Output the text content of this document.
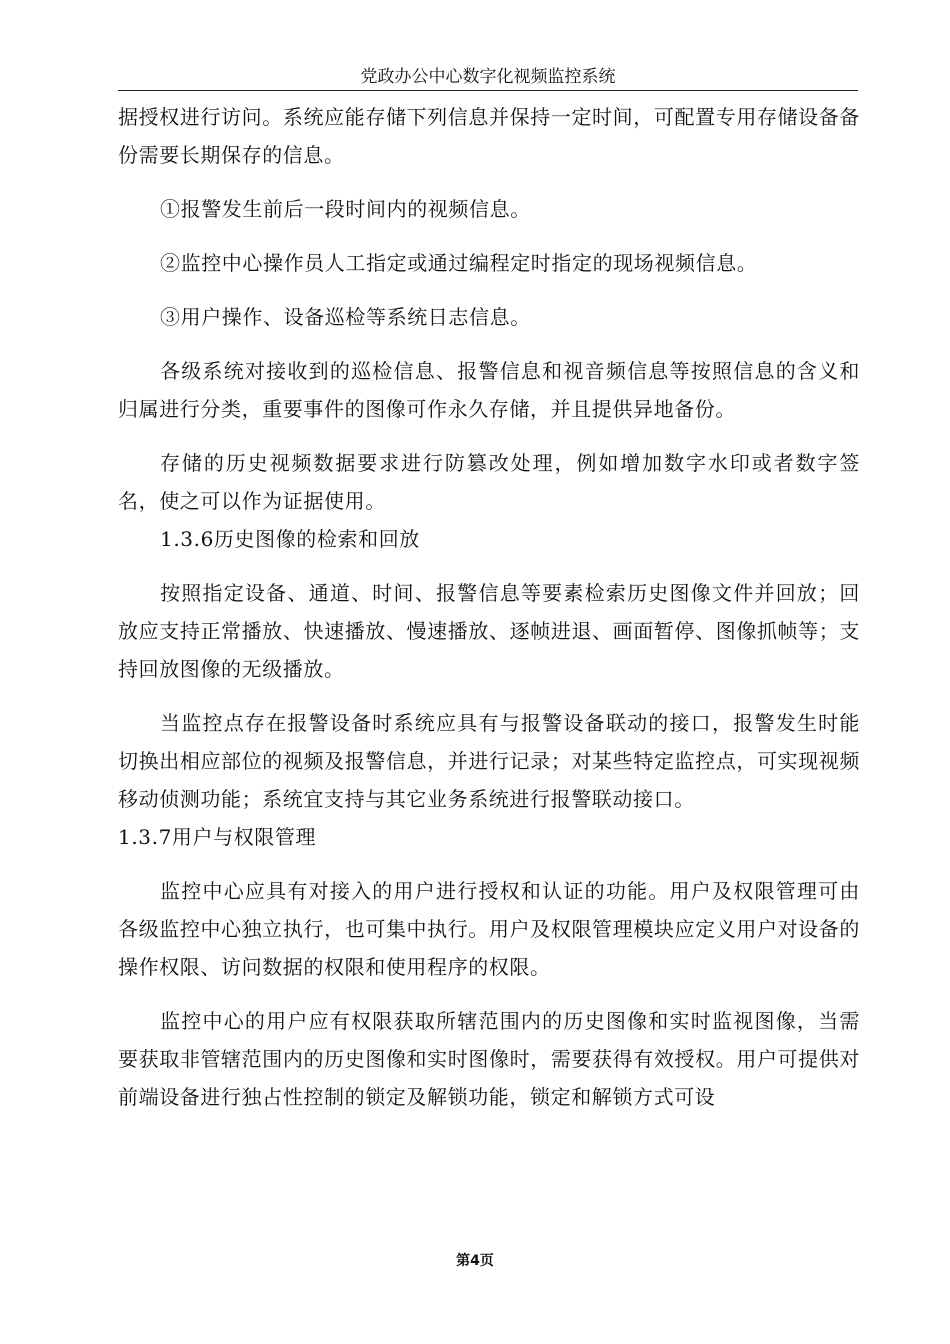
党政办公中心数字化视频监控系统

据授权进行访问。系统应能存储下列信息并保持一定时间，可配置专用存储设备备份需要长期保存的信息。

①报警发生前后一段时间内的视频信息。

②监控中心操作员人工指定或通过编程定时指定的现场视频信息。

③用户操作、设备巡检等系统日志信息。

各级系统对接收到的巡检信息、报警信息和视音频信息等按照信息的含义和归属进行分类，重要事件的图像可作永久存储，并且提供异地备份。

存储的历史视频数据要求进行防篡改处理，例如增加数字水印或者数字签名，使之可以作为证据使用。

1.3.6历史图像的检索和回放

按照指定设备、通道、时间、报警信息等要素检索历史图像文件并回放；回放应支持正常播放、快速播放、慢速播放、逐帧进退、画面暂停、图像抓帧等；支持回放图像的无级播放。

当监控点存在报警设备时系统应具有与报警设备联动的接口，报警发生时能切换出相应部位的视频及报警信息，并进行记录；对某些特定监控点，可实现视频移动侦测功能；系统宜支持与其它业务系统进行报警联动接口。

1.3.7用户与权限管理

监控中心应具有对接入的用户进行授权和认证的功能。用户及权限管理可由各级监控中心独立执行，也可集中执行。用户及权限管理模块应定义用户对设备的操作权限、访问数据的权限和使用程序的权限。

监控中心的用户应有权限获取所辖范围内的历史图像和实时监视图像，当需要获取非管辖范围内的历史图像和实时图像时，需要获得有效授权。用户可提供对前端设备进行独占性控制的锁定及解锁功能，锁定和解锁方式可设

第4页
